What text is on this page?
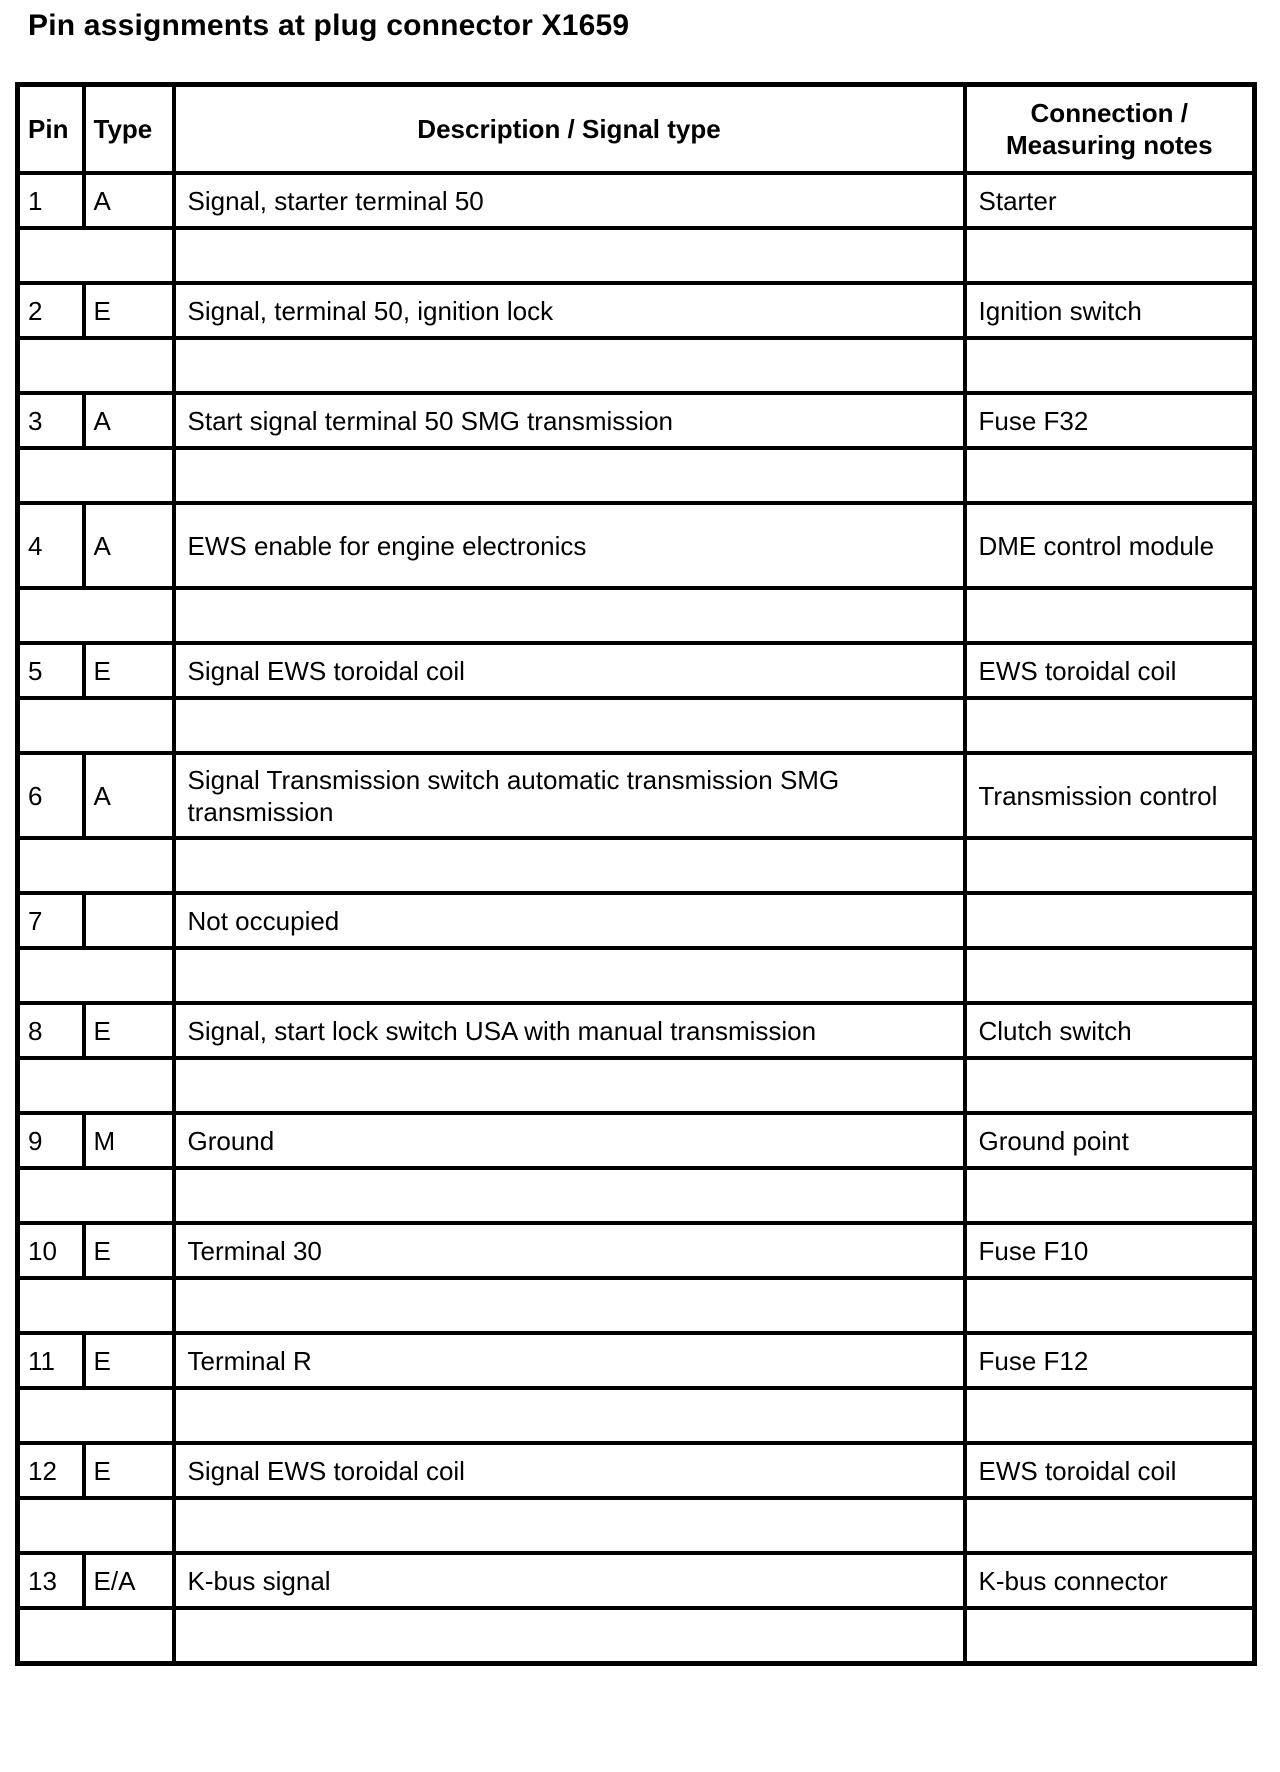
Pin assignments at plug connector X1659
Pin	Type	Description / Signal type	Connection /
Measuring notes
1	A	Signal, starter terminal 50	Starter

2	E	Signal, terminal 50, ignition lock	Ignition switch

3	A	Start signal terminal 50 SMG transmission	Fuse F32

4	A	EWS enable for engine electronics	DME control module

5	E	Signal EWS toroidal coil	EWS toroidal coil

6	A	Signal Transmission switch automatic transmission SMG transmission	Transmission control

7		Not occupied	

8	E	Signal, start lock switch USA with manual transmission	Clutch switch

9	M	Ground	Ground point

10	E	Terminal 30	Fuse F10

11	E	Terminal R	Fuse F12

12	E	Signal EWS toroidal coil	EWS toroidal coil

13	E/A	K-bus signal	K-bus connector
